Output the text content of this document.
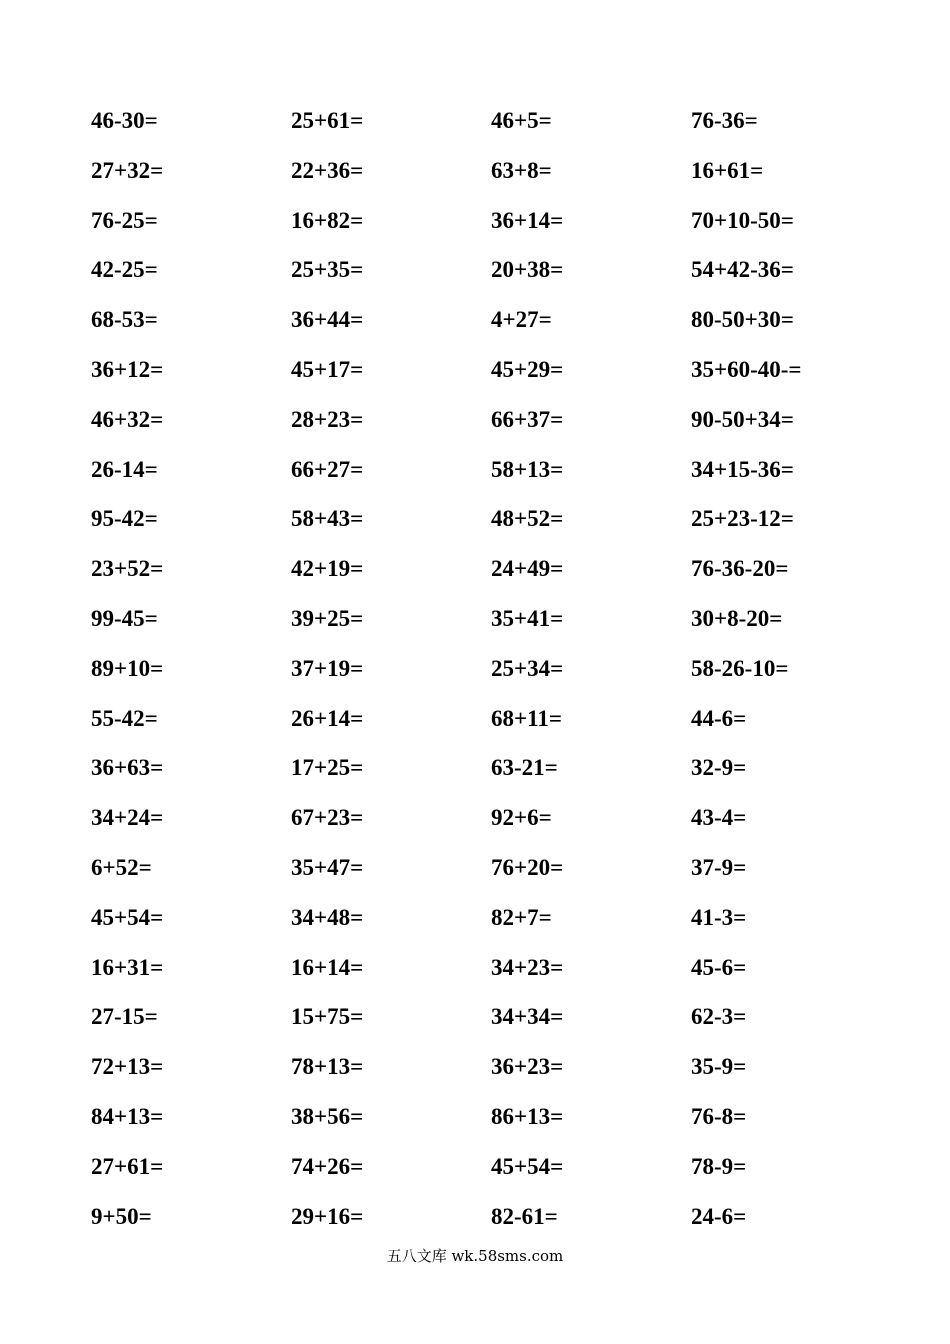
46-30=	25+61=	46+5=	76-36=
27+32=	22+36=	63+8=	16+61=
76-25=	16+82=	36+14=	70+10-50=
42-25=	25+35=	20+38=	54+42-36=
68-53=	36+44=	4+27=	80-50+30=
36+12=	45+17=	45+29=	35+60-40-=
46+32=	28+23=	66+37=	90-50+34=
26-14=	66+27=	58+13=	34+15-36=
95-42=	58+43=	48+52=	25+23-12=
23+52=	42+19=	24+49=	76-36-20=
99-45=	39+25=	35+41=	30+8-20=
89+10=	37+19=	25+34=	58-26-10=
55-42=	26+14=	68+11=	44-6=
36+63=	17+25=	63-21=	32-9=
34+24=	67+23=	92+6=	43-4=
6+52=	35+47=	76+20=	37-9=
45+54=	34+48=	82+7=	41-3=
16+31=	16+14=	34+23=	45-6=
27-15=	15+75=	34+34=	62-3=
72+13=	78+13=	36+23=	35-9=
84+13=	38+56=	86+13=	76-8=
27+61=	74+26=	45+54=	78-9=
9+50=	29+16=	82-61=	24-6=
五八文库 wk.58sms.com
